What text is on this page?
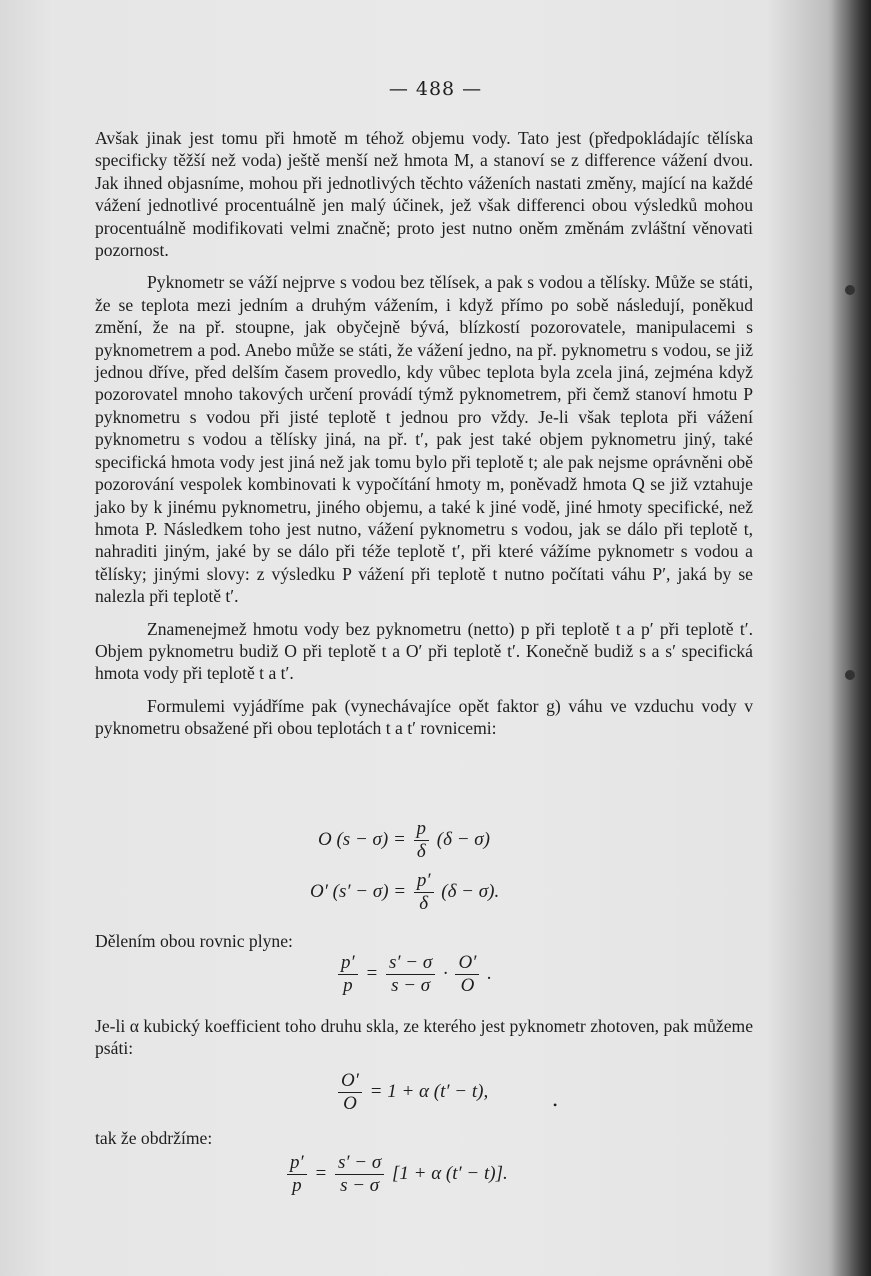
— 488 —

Avšak jinak jest tomu při hmotě m téhož objemu vody. Tato jest (předpokládajíc tělíska specificky těžší než voda) ještě menší než hmota M, a stanoví se z difference vážení dvou. Jak ihned objasníme, mohou při jednotlivých těchto váženích nastati změny, mající na každé vážení jednotlivé procentuálně jen malý účinek, jež však differenci obou výsledků mohou procentuálně modifikovati velmi značně; proto jest nutno oněm změnám zvláštní věnovati pozornost.

Pyknometr se váží nejprve s vodou bez tělísek, a pak s vodou a tělísky. Může se státi, že se teplota mezi jedním a druhým vážením, i když přímo po sobě následují, poněkud změní, že na př. stoupne, jak obyčejně bývá, blízkostí pozorovatele, manipulacemi s pyknometrem a pod. Anebo může se státi, že vážení jedno, na př. pyknometru s vodou, se již jednou dříve, před delším časem provedlo, kdy vůbec teplota byla zcela jiná, zejména když pozorovatel mnoho takových určení provádí týmž pyknometrem, při čemž stanoví hmotu P pyknometru s vodou při jisté teplotě t jednou pro vždy. Je-li však teplota při vážení pyknometru s vodou a tělísky jiná, na př. t′, pak jest také objem pyknometru jiný, také specifická hmota vody jest jiná než jak tomu bylo při teplotě t; ale pak nejsme oprávněni obě pozorování vespolek kombinovati k vypočítání hmoty m, poněvadž hmota Q se již vztahuje jako by k jinému pyknometru, jiného objemu, a také k jiné vodě, jiné hmoty specifické, než hmota P. Následkem toho jest nutno, vážení pyknometru s vodou, jak se dálo při teplotě t, nahraditi jiným, jaké by se dálo při téže teplotě t′, při které vážíme pyknometr s vodou a tělísky; jinými slovy: z výsledku P vážení při teplotě t nutno počítati váhu P′, jaká by se nalezla při teplotě t′.

Znamenejmež hmotu vody bez pyknometru (netto) p při teplotě t a p′ při teplotě t′. Objem pyknometru budiž O při teplotě t a O′ při teplotě t′. Konečně budiž s a s′ specifická hmota vody při teplotě t a t′.

Formulemi vyjádříme pak (vynechávajíce opět faktor g) váhu ve vzduchu vody v pyknometru obsažené při obou teplotách t a t′ rovnicemi:

O $(s - \sigma) = \frac{p}{\delta} (\delta - \sigma)$
O′ $(s' - \sigma) = \frac{p'}{\delta} (\delta - \sigma)$.
Dělením obou rovnic plyne:
$\frac{p'}{p} = \frac{s' - \sigma}{s - \sigma} \cdot \frac{O'}{O}$ .
Je-li α kubický koefficient toho druhu skla, ze kterého jest pyknometr zhotoven, pak můžeme psáti:
$\frac{O'}{O} = 1 + \alpha$ (t′ − t), $_•$
tak že obdržíme:
$\frac{p'}{p} = \frac{s' - \sigma}{s - \sigma} [1 + \alpha$ (t′ − t)].
